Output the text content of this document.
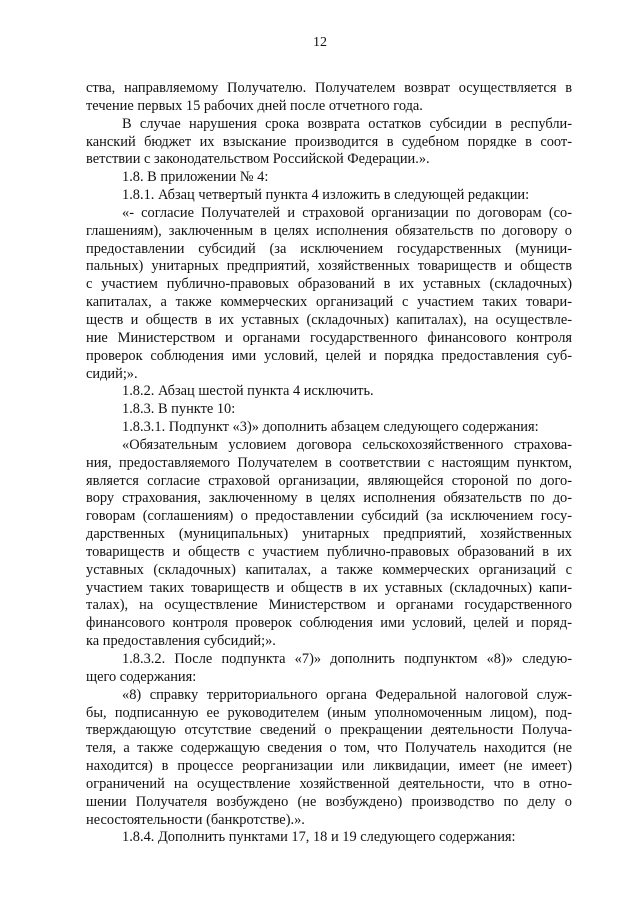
12
ства, направляемому Получателю. Получателем возврат осуществляется в
течение первых 15 рабочих дней после отчетного года.
В случае нарушения срока возврата остатков субсидии в республи-
канский бюджет их взыскание производится в судебном порядке в соот-
ветствии с законодательством Российской Федерации.».
1.8. В приложении № 4:
1.8.1. Абзац четвертый пункта 4 изложить в следующей редакции:
«- согласие Получателей и страховой организации по договорам (со-
глашениям), заключенным в целях исполнения обязательств по договору о
предоставлении субсидий (за исключением государственных (муници-
пальных) унитарных предприятий, хозяйственных товариществ и обществ
с участием публично-правовых образований в их уставных (складочных)
капиталах, а также коммерческих организаций с участием таких товари-
ществ и обществ в их уставных (складочных) капиталах), на осуществле-
ние Министерством и органами государственного финансового контроля
проверок соблюдения ими условий, целей и порядка предоставления суб-
сидий;».
1.8.2. Абзац шестой пункта 4 исключить.
1.8.3. В пункте 10:
1.8.3.1. Подпункт «3)» дополнить абзацем следующего содержания:
«Обязательным условием договора сельскохозяйственного страхова-
ния, предоставляемого Получателем в соответствии с настоящим пунктом,
является согласие страховой организации, являющейся стороной по дого-
вору страхования, заключенному в целях исполнения обязательств по до-
говорам (соглашениям) о предоставлении субсидий (за исключением госу-
дарственных (муниципальных) унитарных предприятий, хозяйственных
товариществ и обществ с участием публично-правовых образований в их
уставных (складочных) капиталах, а также коммерческих организаций с
участием таких товариществ и обществ в их уставных (складочных) капи-
талах), на осуществление Министерством и органами государственного
финансового контроля проверок соблюдения ими условий, целей и поряд-
ка предоставления субсидий;».
1.8.3.2. После подпункта «7)» дополнить подпунктом «8)» следую-
щего содержания:
«8) справку территориального органа Федеральной налоговой служ-
бы, подписанную ее руководителем (иным уполномоченным лицом), под-
тверждающую отсутствие сведений о прекращении деятельности Получа-
теля, а также содержащую сведения о том, что Получатель находится (не
находится) в процессе реорганизации или ликвидации, имеет (не имеет)
ограничений на осуществление хозяйственной деятельности, что в отно-
шении Получателя возбуждено (не возбуждено) производство по делу о
несостоятельности (банкротстве).».
1.8.4. Дополнить пунктами 17, 18 и 19 следующего содержания:
